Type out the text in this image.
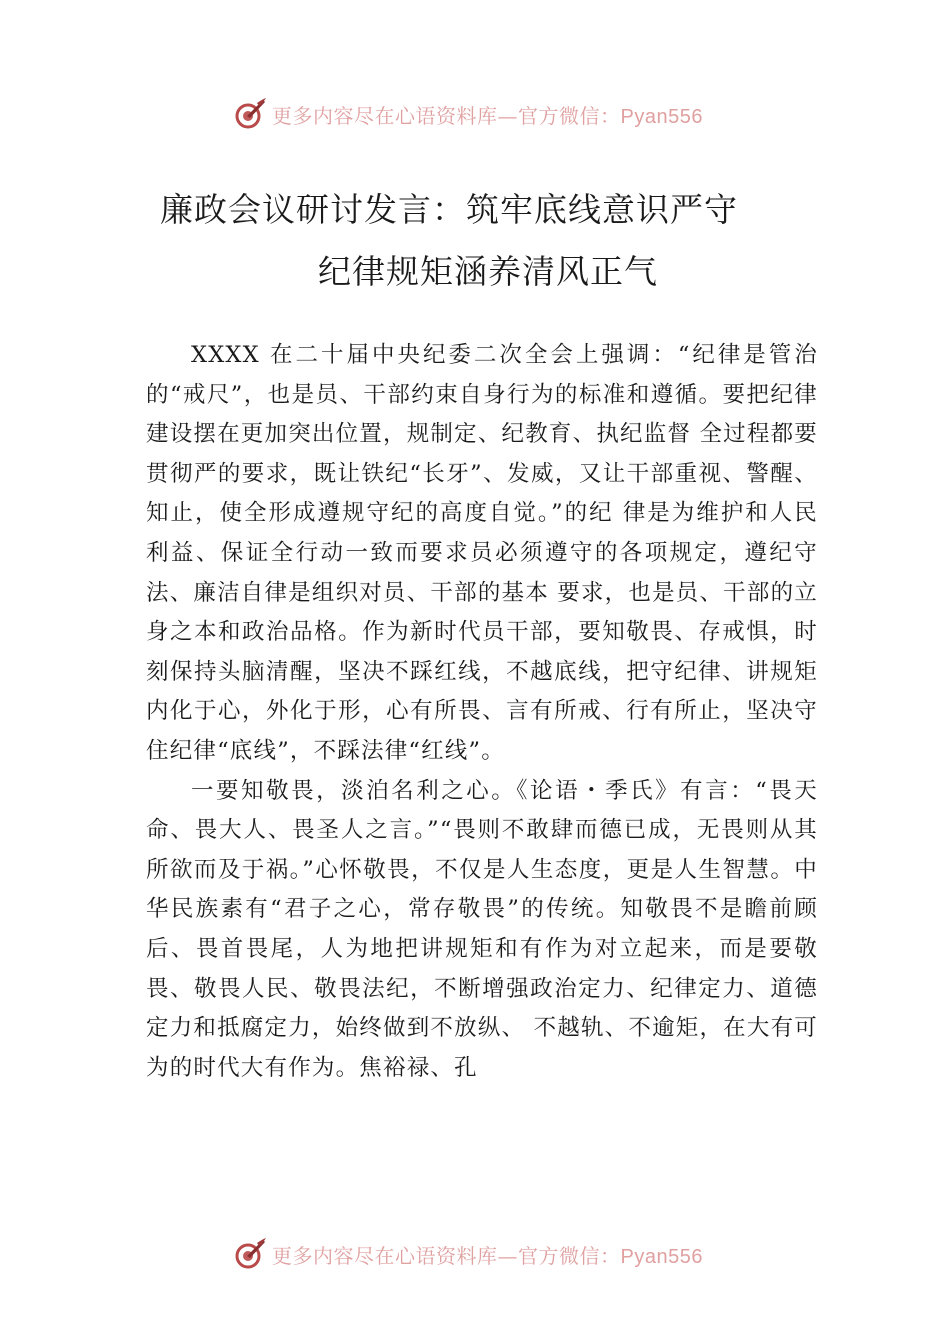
更多内容尽在心语资料库—官方微信：Pyan556
廉政会议研讨发言：筑牢底线意识严守
纪律规矩涵养清风正气

XXXX 在二十届中央纪委二次全会上强调：“纪律是管治的“戒尺”，也是员、干部约束自身行为的标准和遵循。要把纪律建设摆在更加突出位置，规制定、纪教育、执纪监督 全过程都要贯彻严的要求，既让铁纪“长牙”、发威，又让干部重视、警醒、知止，使全形成遵规守纪的高度自觉。”的纪 律是为维护和人民利益、保证全行动一致而要求员必须遵守的各项规定，遵纪守法、廉洁自律是组织对员、干部的基本 要求，也是员、干部的立身之本和政治品格。作为新时代员干部，要知敬畏、存戒惧，时刻保持头脑清醒，坚决不踩红线，不越底线，把守纪律、讲规矩内化于心，外化于形，心有所畏、言有所戒、行有所止，坚决守住纪律“底线”，不踩法律“红线”。

一要知敬畏，淡泊名利之心。《论语・季氏》有言：“畏天命、畏大人、畏圣人之言。”“畏则不敢肆而德已成，无畏则从其所欲而及于祸。”心怀敬畏，不仅是人生态度，更是人生智慧。中华民族素有“君子之心，常存敬畏”的传统。知敬畏不是瞻前顾后、畏首畏尾，人为地把讲规矩和有作为对立起来，而是要敬畏、敬畏人民、敬畏法纪，不断增强政治定力、纪律定力、道德定力和抵腐定力，始终做到不放纵、 不越轨、不逾矩，在大有可为的时代大有作为。焦裕禄、孔

更多内容尽在心语资料库—官方微信：Pyan556
